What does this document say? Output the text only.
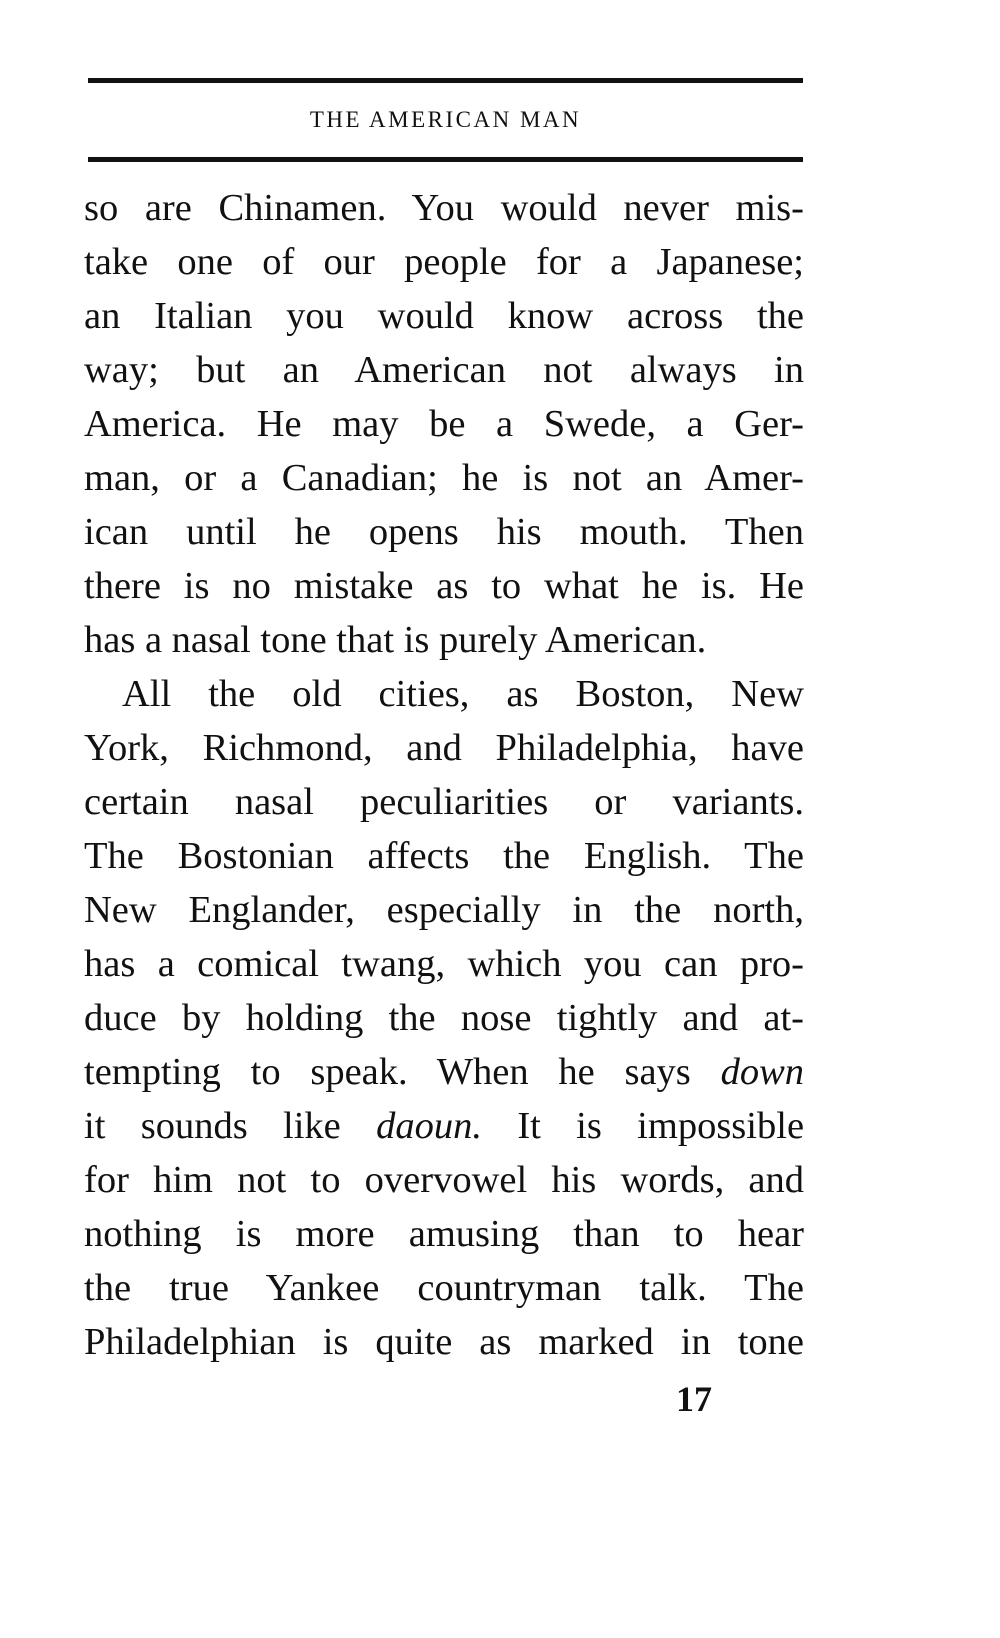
THE AMERICAN MAN
so are Chinamen. You would never mis-
take one of our people for a Japanese;
an Italian you would know across the
way; but an American not always in
America. He may be a Swede, a Ger-
man, or a Canadian; he is not an Amer-
ican until he opens his mouth. Then
there is no mistake as to what he is. He
has a nasal tone that is purely American.
All the old cities, as Boston, New
York, Richmond, and Philadelphia, have
certain nasal peculiarities or variants.
The Bostonian affects the English. The
New Englander, especially in the north,
has a comical twang, which you can pro-
duce by holding the nose tightly and at-
tempting to speak. When he says down
it sounds like daoun. It is impossible
for him not to overvowel his words, and
nothing is more amusing than to hear
the true Yankee countryman talk. The
Philadelphian is quite as marked in tone
17
